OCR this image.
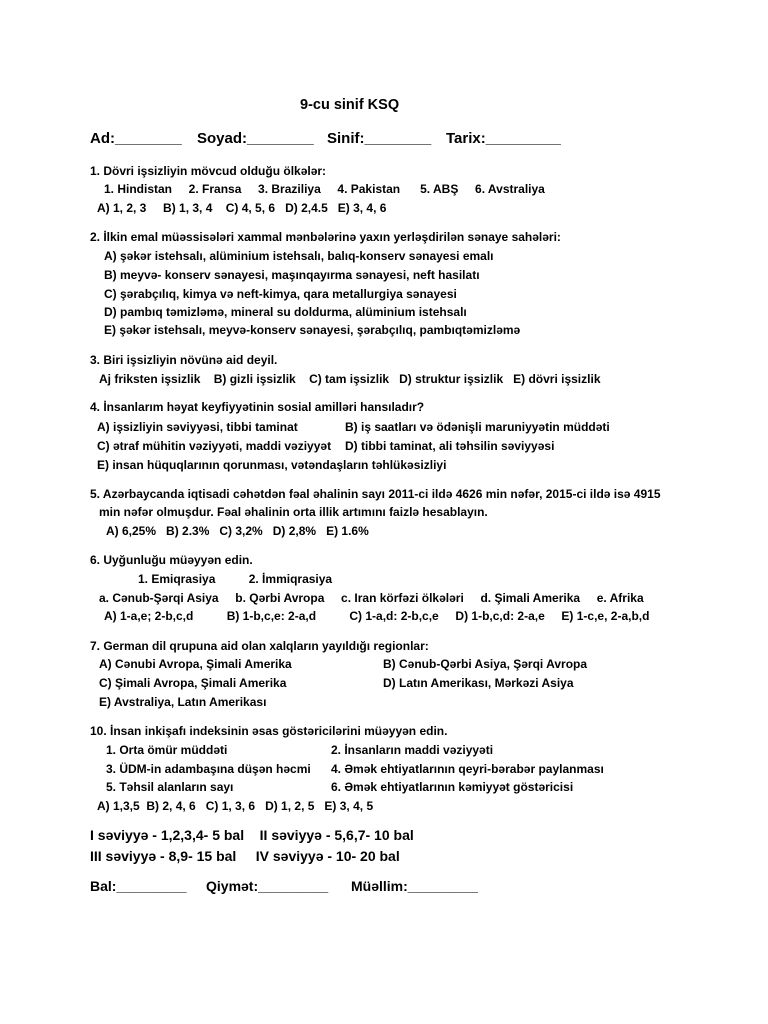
9-cu sinif KSQ
Ad:________ Soyad:________ Sinif:________ Tarix:_________
1. Dövri işsizliyin mövcud olduğu ölkələr:
1. Hindistan     2. Fransa     3. Braziliya     4. Pakistan      5. ABŞ     6. Avstraliya
A) 1, 2, 3     B) 1, 3, 4    C) 4, 5, 6   D) 2,4.5   E) 3, 4, 6
2. İlkin emal müəssisələri xammal mənbələrinə yaxın yerləşdirilən sənaye sahələri:
A) şəkər istehsalı, alüminium istehsalı, balıq-konserv sənayesi emalı
B) meyvə- konserv sənayesi, maşınqayırma sənayesi, neft hasilatı
C) şərabçılıq, kimya və neft-kimya, qara metallurgiya sənayesi
D) pambıq təmizləmə, mineral su doldurma, alüminium istehsalı
E) şəkər istehsalı, meyvə-konserv sənayesi, şərabçılıq, pambıqtəmizləmə
3. Biri işsizliyin növünə aid deyil.
Aj friksten işsizlik    B) gizli işsizlik    C) tam işsizlik   D) struktur işsizlik   E) dövri işsizlik
4. İnsanlarım həyat keyfiyyətinin sosial amilləri hansıladır?
A) işsizliyin səviyyəsi, tibbi taminat	B) iş saatları və ödənişli maruniyyətin müddəti
C) ətraf mühitin vəziyyəti, maddi vəziyyət D) tibbi taminat, ali təhsilin səviyyəsi
E) insan hüquqlarının qorunması, vətəndaşların təhlükəsizliyi
5. Azərbaycanda iqtisadi cəhətdən fəal əhalinin sayı 2011-ci ildə 4626 min nəfər, 2015-ci ildə isə 4915
min nəfər olmuşdur. Fəal əhalinin orta illik artımını faizlə hesablayın.
A) 6,25%   B) 2.3%   C) 3,2%   D) 2,8%   E) 1.6%
6. Uyğunluğu müəyyən edin.
1. Emiqrasiya          2. İmmiqrasiya
a. Cənub-Şərqi Asiya     b. Qərbi Avropa     c. Iran körfəzi ölkələri     d. Şimali Amerika     e. Afrika
A) 1-a,e; 2-b,c,d          B) 1-b,c,e: 2-a,d          C) 1-a,d: 2-b,c,e     D) 1-b,c,d: 2-a,e     E) 1-c,e, 2-a,b,d
7. German dil qrupuna aid olan xalqların yayıldığı regionlar:
A) Cənubi Avropa, Şimali Amerika	B) Cənub-Qərbi Asiya, Şərqi Avropa
C) Şimali Avropa, Şimali Amerika	D) Latın Amerikası, Mərkəzi Asiya
E) Avstraliya, Latın Amerikası
10. İnsan inkişafı indeksinin əsas göstəricilərini müəyyən edin.
1. Orta ömür müddəti	2. İnsanların maddi vəziyyəti
3. ÜDM-in adambaşına düşən həcmi 4. Əmək ehtiyatlarının qeyri-bərabər paylanması
5. Təhsil alanların sayı	6. Əmək ehtiyatlarının kəmiyyət göstəricisi
A) 1,3,5  B) 2, 4, 6   C) 1, 3, 6   D) 1, 2, 5   E) 3, 4, 5
I səviyyə - 1,2,3,4- 5 bal    II səviyyə - 5,6,7- 10 bal
III səviyyə - 8,9- 15 bal     IV səviyyə - 10- 20 bal
Bal:_________ Qiymət:_________ Müəllim:_________
